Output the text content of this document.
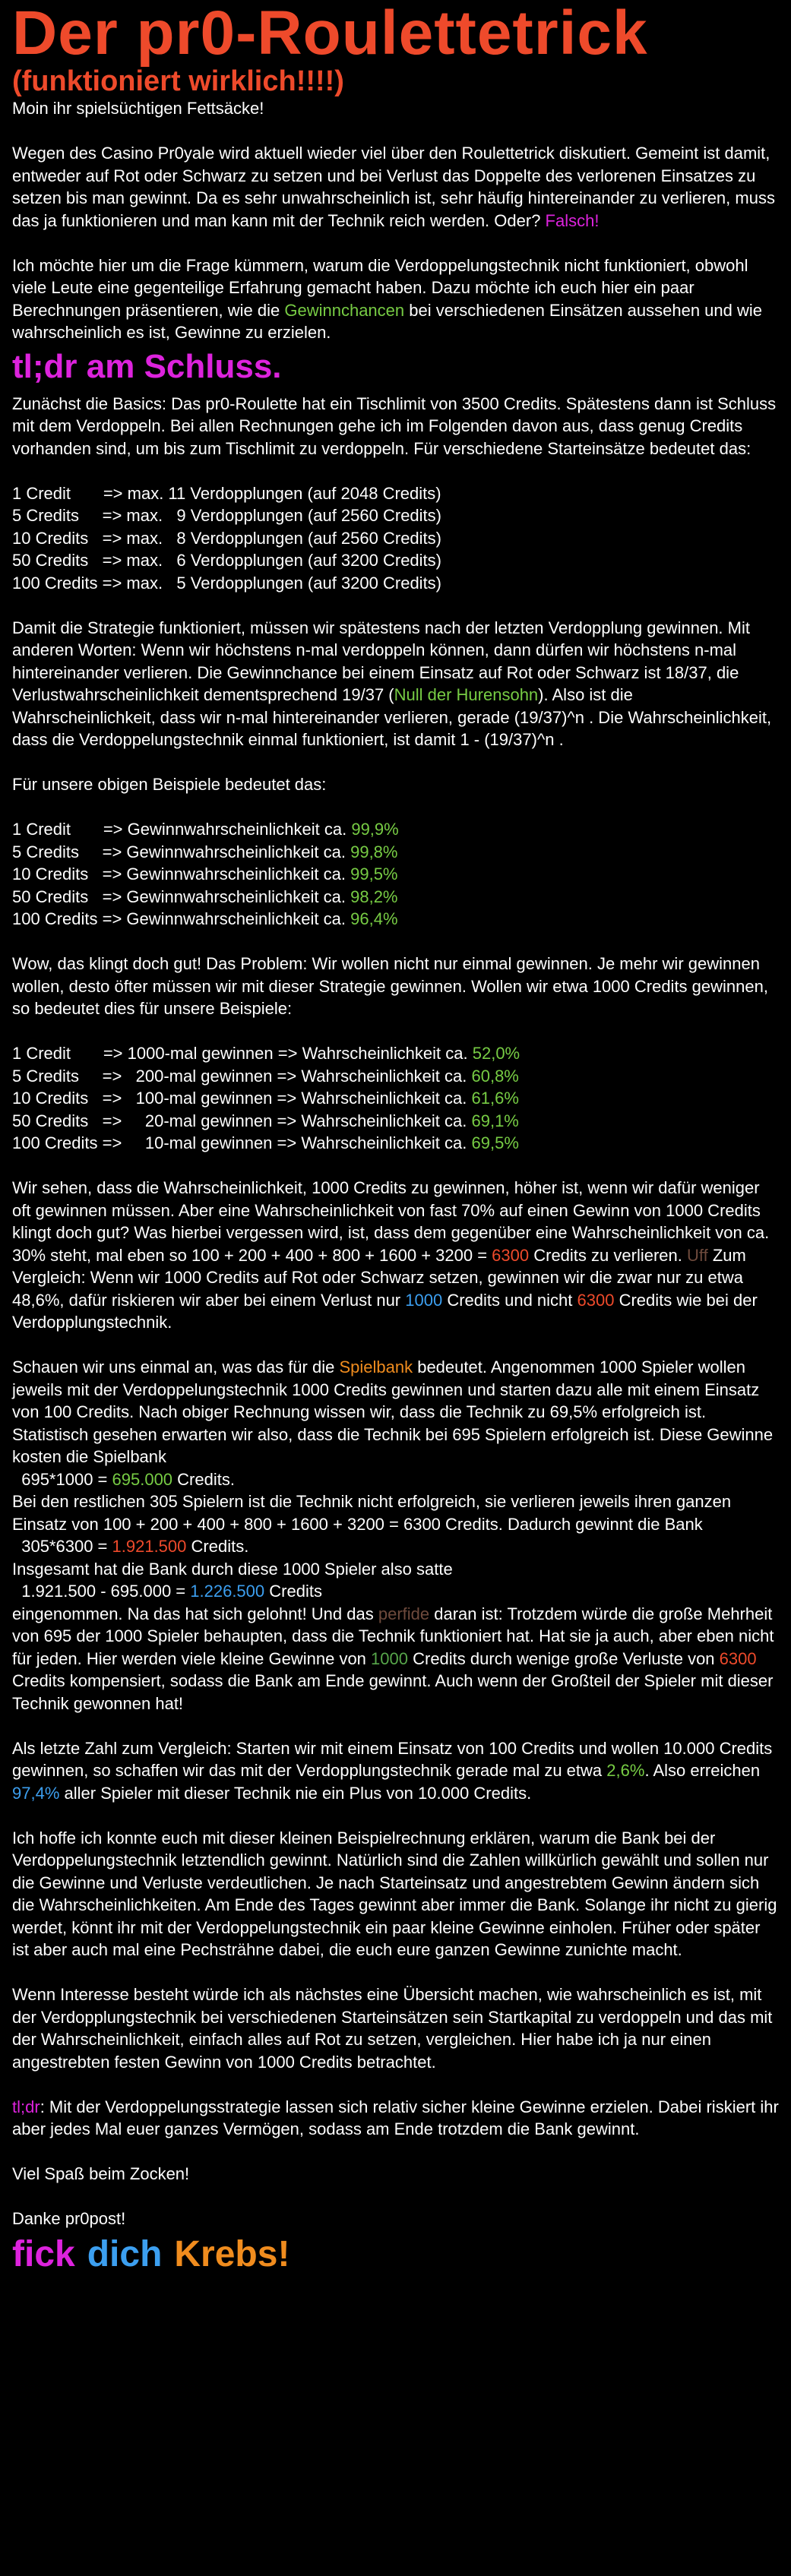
Der pr0-Roulettetrick
(funktioniert wirklich!!!!)

Moin ihr spielsüchtigen Fettsäcke!

Wegen des Casino Pr0yale wird aktuell wieder viel über den Roulettetrick diskutiert. Gemeint ist damit, entweder auf Rot oder Schwarz zu setzen und bei Verlust das Doppelte des verlorenen Einsatzes zu setzen bis man gewinnt. Da es sehr unwahrscheinlich ist, sehr häufig hintereinander zu verlieren, muss das ja funktionieren und man kann mit der Technik reich werden. Oder? Falsch!

Ich möchte hier um die Frage kümmern, warum die Verdoppelungstechnik nicht funktioniert, obwohl viele Leute eine gegenteilige Erfahrung gemacht haben. Dazu möchte ich euch hier ein paar Berechnungen präsentieren, wie die Gewinnchancen bei verschiedenen Einsätzen aussehen und wie wahrscheinlich es ist, Gewinne zu erzielen.

tl;dr am Schluss.

Zunächst die Basics: Das pr0-Roulette hat ein Tischlimit von 3500 Credits. Spätestens dann ist Schluss mit dem Verdoppeln. Bei allen Rechnungen gehe ich im Folgenden davon aus, dass genug Credits vorhanden sind, um bis zum Tischlimit zu verdoppeln. Für verschiedene Starteinsätze bedeutet das:

1 Credit       => max. 11 Verdopplungen (auf 2048 Credits)
5 Credits     => max.   9 Verdopplungen (auf 2560 Credits)
10 Credits   => max.   8 Verdopplungen (auf 2560 Credits)
50 Credits   => max.   6 Verdopplungen (auf 3200 Credits)
100 Credits => max.   5 Verdopplungen (auf 3200 Credits)

Damit die Strategie funktioniert, müssen wir spätestens nach der letzten Verdopplung gewinnen. Mit anderen Worten: Wenn wir höchstens n-mal verdoppeln können, dann dürfen wir höchstens n-mal hintereinander verlieren. Die Gewinnchance bei einem Einsatz auf Rot oder Schwarz ist 18/37, die Verlustwahrscheinlichkeit dementsprechend 19/37 (Null der Hurensohn). Also ist die Wahrscheinlichkeit, dass wir n-mal hintereinander verlieren, gerade (19/37)^n . Die Wahrscheinlichkeit, dass die Verdoppelungstechnik einmal funktioniert, ist damit 1 - (19/37)^n .

Für unsere obigen Beispiele bedeutet das:

1 Credit       => Gewinnwahrscheinlichkeit ca. 99,9%
5 Credits     => Gewinnwahrscheinlichkeit ca. 99,8%
10 Credits   => Gewinnwahrscheinlichkeit ca. 99,5%
50 Credits   => Gewinnwahrscheinlichkeit ca. 98,2%
100 Credits => Gewinnwahrscheinlichkeit ca. 96,4%

Wow, das klingt doch gut! Das Problem: Wir wollen nicht nur einmal gewinnen. Je mehr wir gewinnen wollen, desto öfter müssen wir mit dieser Strategie gewinnen. Wollen wir etwa 1000 Credits gewinnen, so bedeutet dies für unsere Beispiele:

1 Credit       => 1000-mal gewinnen => Wahrscheinlichkeit ca. 52,0%
5 Credits     =>   200-mal gewinnen => Wahrscheinlichkeit ca. 60,8%
10 Credits   =>   100-mal gewinnen => Wahrscheinlichkeit ca. 61,6%
50 Credits   =>     20-mal gewinnen => Wahrscheinlichkeit ca. 69,1%
100 Credits =>     10-mal gewinnen => Wahrscheinlichkeit ca. 69,5%

Wir sehen, dass die Wahrscheinlichkeit, 1000 Credits zu gewinnen, höher ist, wenn wir dafür weniger oft gewinnen müssen. Aber eine Wahrscheinlichkeit von fast 70% auf einen Gewinn von 1000 Credits klingt doch gut? Was hierbei vergessen wird, ist, dass dem gegenüber eine Wahrscheinlichkeit von ca. 30% steht, mal eben so 100 + 200 + 400 + 800 + 1600 + 3200 = 6300 Credits zu verlieren. Uff Zum Vergleich: Wenn wir 1000 Credits auf Rot oder Schwarz setzen, gewinnen wir die zwar nur zu etwa 48,6%, dafür riskieren wir aber bei einem Verlust nur 1000 Credits und nicht 6300 Credits wie bei der Verdopplungstechnik.

Schauen wir uns einmal an, was das für die Spielbank bedeutet. Angenommen 1000 Spieler wollen jeweils mit der Verdoppelungstechnik 1000 Credits gewinnen und starten dazu alle mit einem Einsatz von 100 Credits. Nach obiger Rechnung wissen wir, dass die Technik zu 69,5% erfolgreich ist. Statistisch gesehen erwarten wir also, dass die Technik bei 695 Spielern erfolgreich ist. Diese Gewinne kosten die Spielbank

695*1000 = 695.000 Credits.

Bei den restlichen 305 Spielern ist die Technik nicht erfolgreich, sie verlieren jeweils ihren ganzen Einsatz von 100 + 200 + 400 + 800 + 1600 + 3200 = 6300 Credits. Dadurch gewinnt die Bank

305*6300 = 1.921.500 Credits.

Insgesamt hat die Bank durch diese 1000 Spieler also satte

1.921.500 - 695.000 = 1.226.500 Credits

eingenommen. Na das hat sich gelohnt! Und das perfide daran ist: Trotzdem würde die große Mehrheit von 695 der 1000 Spieler behaupten, dass die Technik funktioniert hat. Hat sie ja auch, aber eben nicht für jeden. Hier werden viele kleine Gewinne von 1000 Credits durch wenige große Verluste von 6300 Credits kompensiert, sodass die Bank am Ende gewinnt. Auch wenn der Großteil der Spieler mit dieser Technik gewonnen hat!

Als letzte Zahl zum Vergleich: Starten wir mit einem Einsatz von 100 Credits und wollen 10.000 Credits gewinnen, so schaffen wir das mit der Verdopplungstechnik gerade mal zu etwa 2,6%. Also erreichen 97,4% aller Spieler mit dieser Technik nie ein Plus von 10.000 Credits.

Ich hoffe ich konnte euch mit dieser kleinen Beispielrechnung erklären, warum die Bank bei der Verdoppelungstechnik letztendlich gewinnt. Natürlich sind die Zahlen willkürlich gewählt und sollen nur die Gewinne und Verluste verdeutlichen. Je nach Starteinsatz und angestrebtem Gewinn ändern sich die Wahrscheinlichkeiten. Am Ende des Tages gewinnt aber immer die Bank. Solange ihr nicht zu gierig werdet, könnt ihr mit der Verdoppelungstechnik ein paar kleine Gewinne einholen. Früher oder später ist aber auch mal eine Pechsträhne dabei, die euch eure ganzen Gewinne zunichte macht.

Wenn Interesse besteht würde ich als nächstes eine Übersicht machen, wie wahrscheinlich es ist, mit der Verdopplungstechnik bei verschiedenen Starteinsätzen sein Startkapital zu verdoppeln und das mit der Wahrscheinlichkeit, einfach alles auf Rot zu setzen, vergleichen. Hier habe ich ja nur einen angestrebten festen Gewinn von 1000 Credits betrachtet.

tl;dr: Mit der Verdoppelungsstrategie lassen sich relativ sicher kleine Gewinne erzielen. Dabei riskiert ihr aber jedes Mal euer ganzes Vermögen, sodass am Ende trotzdem die Bank gewinnt.

Viel Spaß beim Zocken!

Danke pr0post!

fick dich Krebs!
